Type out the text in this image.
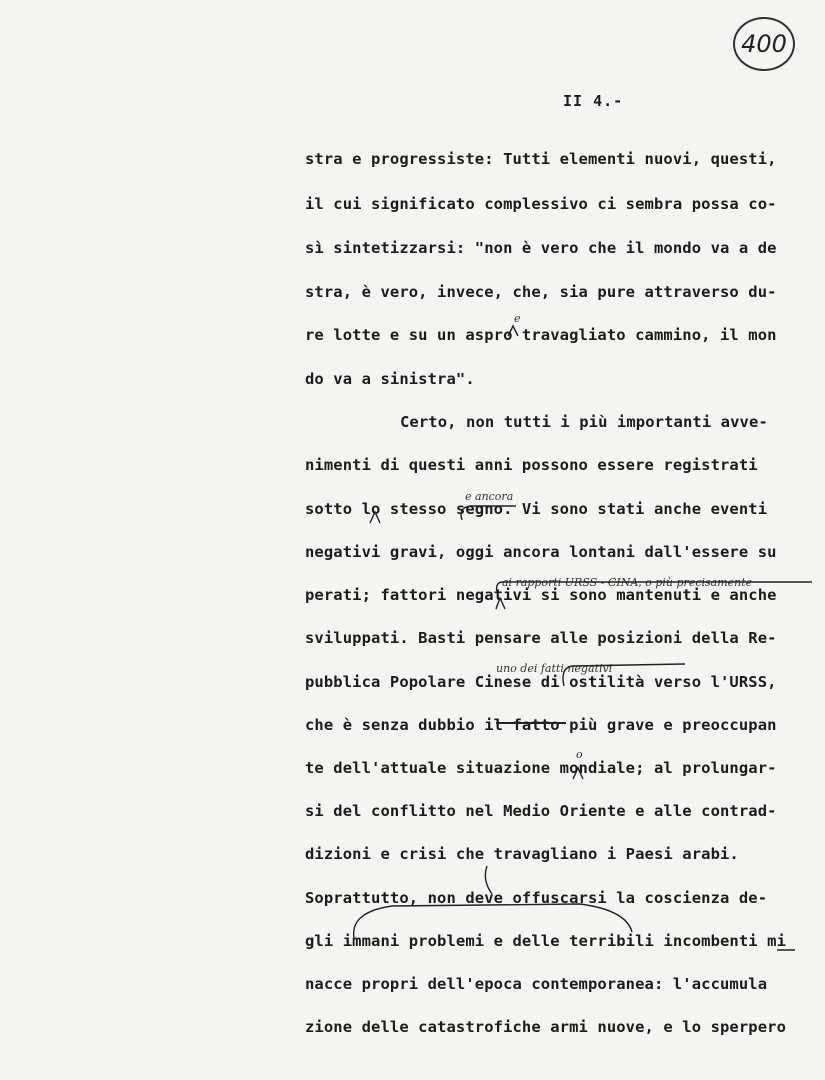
400
II 4.-
stra e progressiste: Tutti elementi nuovi, questi,
il cui significato complessivo ci sembra possa co-
sì sintetizzarsi: "non è vero che il mondo va a de
stra, è vero, invece, che, sia pure attraverso du-
re lotte e su un aspro travagliato cammino, il mon
do va a sinistra".
Certo, non tutti i più importanti avve-
nimenti di questi anni possono essere registrati
sotto lo stesso segno. Vi sono stati anche eventi
negativi gravi, oggi ancora lontani dall'essere su
perati; fattori negativi si sono mantenuti e anche
sviluppati. Basti pensare alle posizioni della Re-
pubblica Popolare Cinese di ostilità verso l'URSS,
che è senza dubbio il fatto più grave e preoccupan
te dell'attuale situazione mondiale; al prolungar-
si del conflitto nel Medio Oriente e alle contrad-
dizioni e crisi che travagliano i Paesi arabi.
Soprattutto, non deve offuscarsi la coscienza de-
gli immani problemi e delle terribili incombenti mi
nacce propri dell'epoca contemporanea: l'accumula
zione delle catastrofiche armi nuove, e lo sperpero
e
e ancora
ai rapporti URSS - CINA, o più precisamente
uno dei fatti negativi
o
